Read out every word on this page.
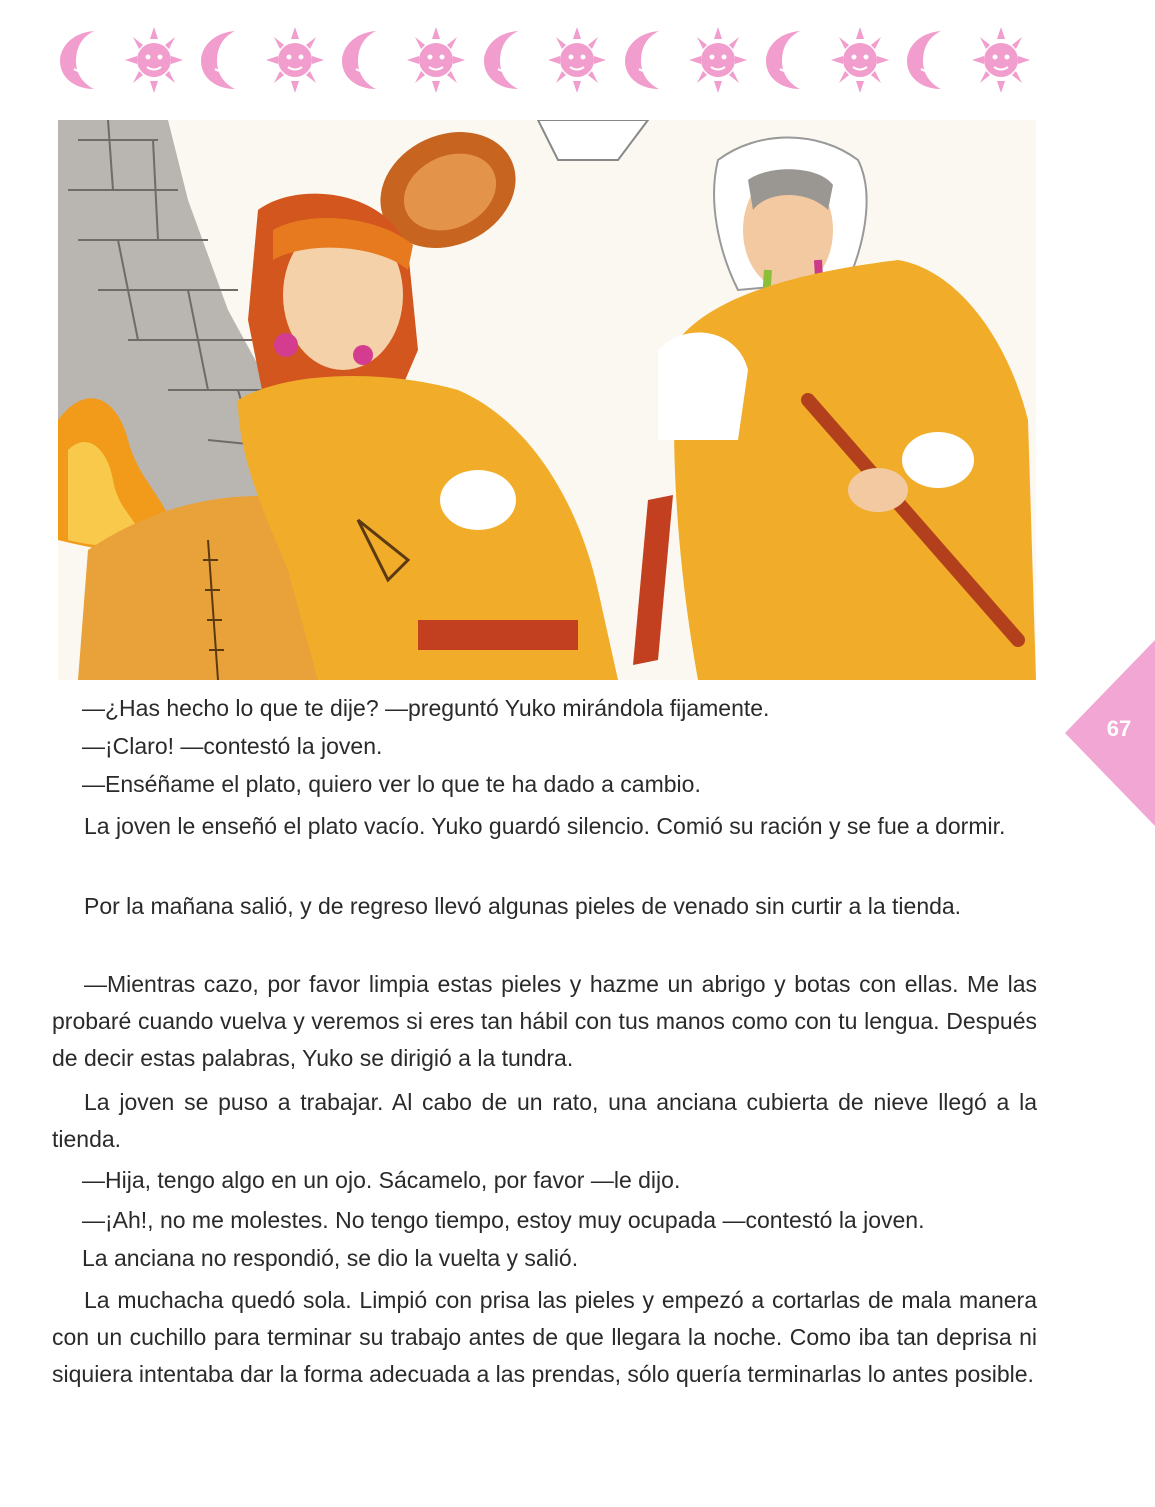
67

—¿Has hecho lo que te dije? —preguntó Yuko mirándola fijamente.

—¡Claro! —contestó la joven.

—Enséñame el plato, quiero ver lo que te ha dado a cambio.

La joven le enseñó el plato vacío. Yuko guardó silencio. Comió su ración y se fue a dormir.

Por la mañana salió, y de regreso llevó algunas pieles de venado sin curtir a la tienda.

—Mientras cazo, por favor limpia estas pieles y hazme un abrigo y botas con ellas. Me las probaré cuando vuelva y veremos si eres tan hábil con tus manos como con tu lengua. Después de decir estas palabras, Yuko se dirigió a la tundra.

La joven se puso a trabajar. Al cabo de un rato, una anciana cubierta de nieve llegó a la tienda.

—Hija, tengo algo en un ojo. Sácamelo, por favor —le dijo.

—¡Ah!, no me molestes. No tengo tiempo, estoy muy ocupada —contestó la joven.

La anciana no respondió, se dio la vuelta y salió.

La muchacha quedó sola. Limpió con prisa las pieles y empezó a cortarlas de mala manera con un cuchillo para terminar su trabajo antes de que llegara la noche. Como iba tan deprisa ni siquiera intentaba dar la forma adecuada a las prendas, sólo quería terminarlas lo antes posible.
